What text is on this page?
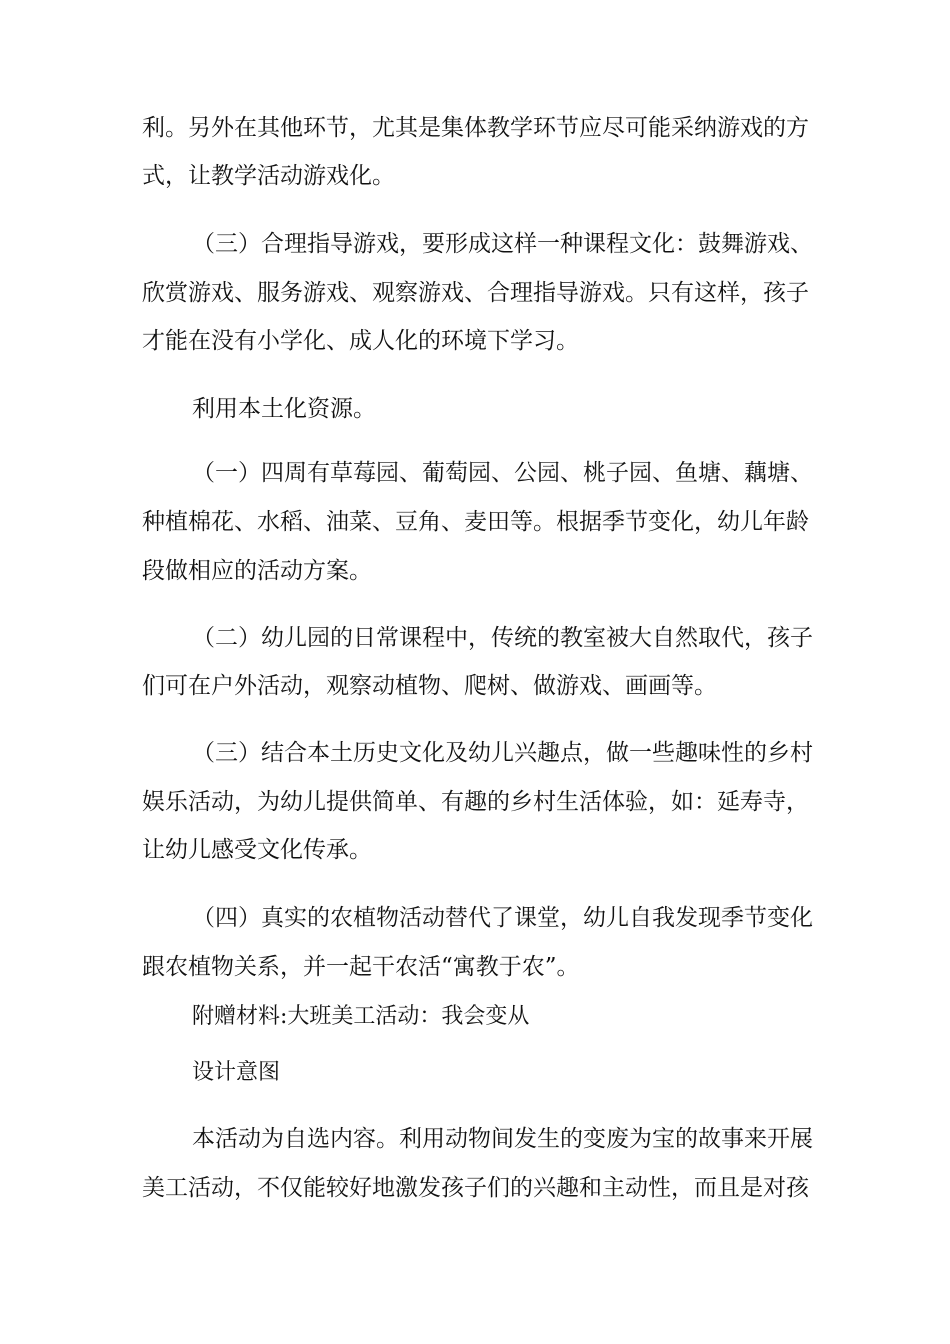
利。另外在其他环节，尤其是集体教学环节应尽可能采纳游戏的方
式，让教学活动游戏化。
（三）合理指导游戏，要形成这样一种课程文化：鼓舞游戏、
欣赏游戏、服务游戏、观察游戏、合理指导游戏。只有这样，孩子
才能在没有小学化、成人化的环境下学习。
利用本土化资源。
（一）四周有草莓园、葡萄园、公园、桃子园、鱼塘、藕塘、
种植棉花、水稻、油菜、豆角、麦田等。根据季节变化，幼儿年龄
段做相应的活动方案。
（二）幼儿园的日常课程中，传统的教室被大自然取代，孩子
们可在户外活动，观察动植物、爬树、做游戏、画画等。
（三）结合本土历史文化及幼儿兴趣点，做一些趣味性的乡村
娱乐活动，为幼儿提供简单、有趣的乡村生活体验，如：延寿寺，
让幼儿感受文化传承。
（四）真实的农植物活动替代了课堂，幼儿自我发现季节变化
跟农植物关系，并一起干农活“寓教于农”。
附赠材料:大班美工活动：我会变从
设计意图
本活动为自选内容。利用动物间发生的变废为宝的故事来开展
美工活动，不仅能较好地激发孩子们的兴趣和主动性，而且是对孩
